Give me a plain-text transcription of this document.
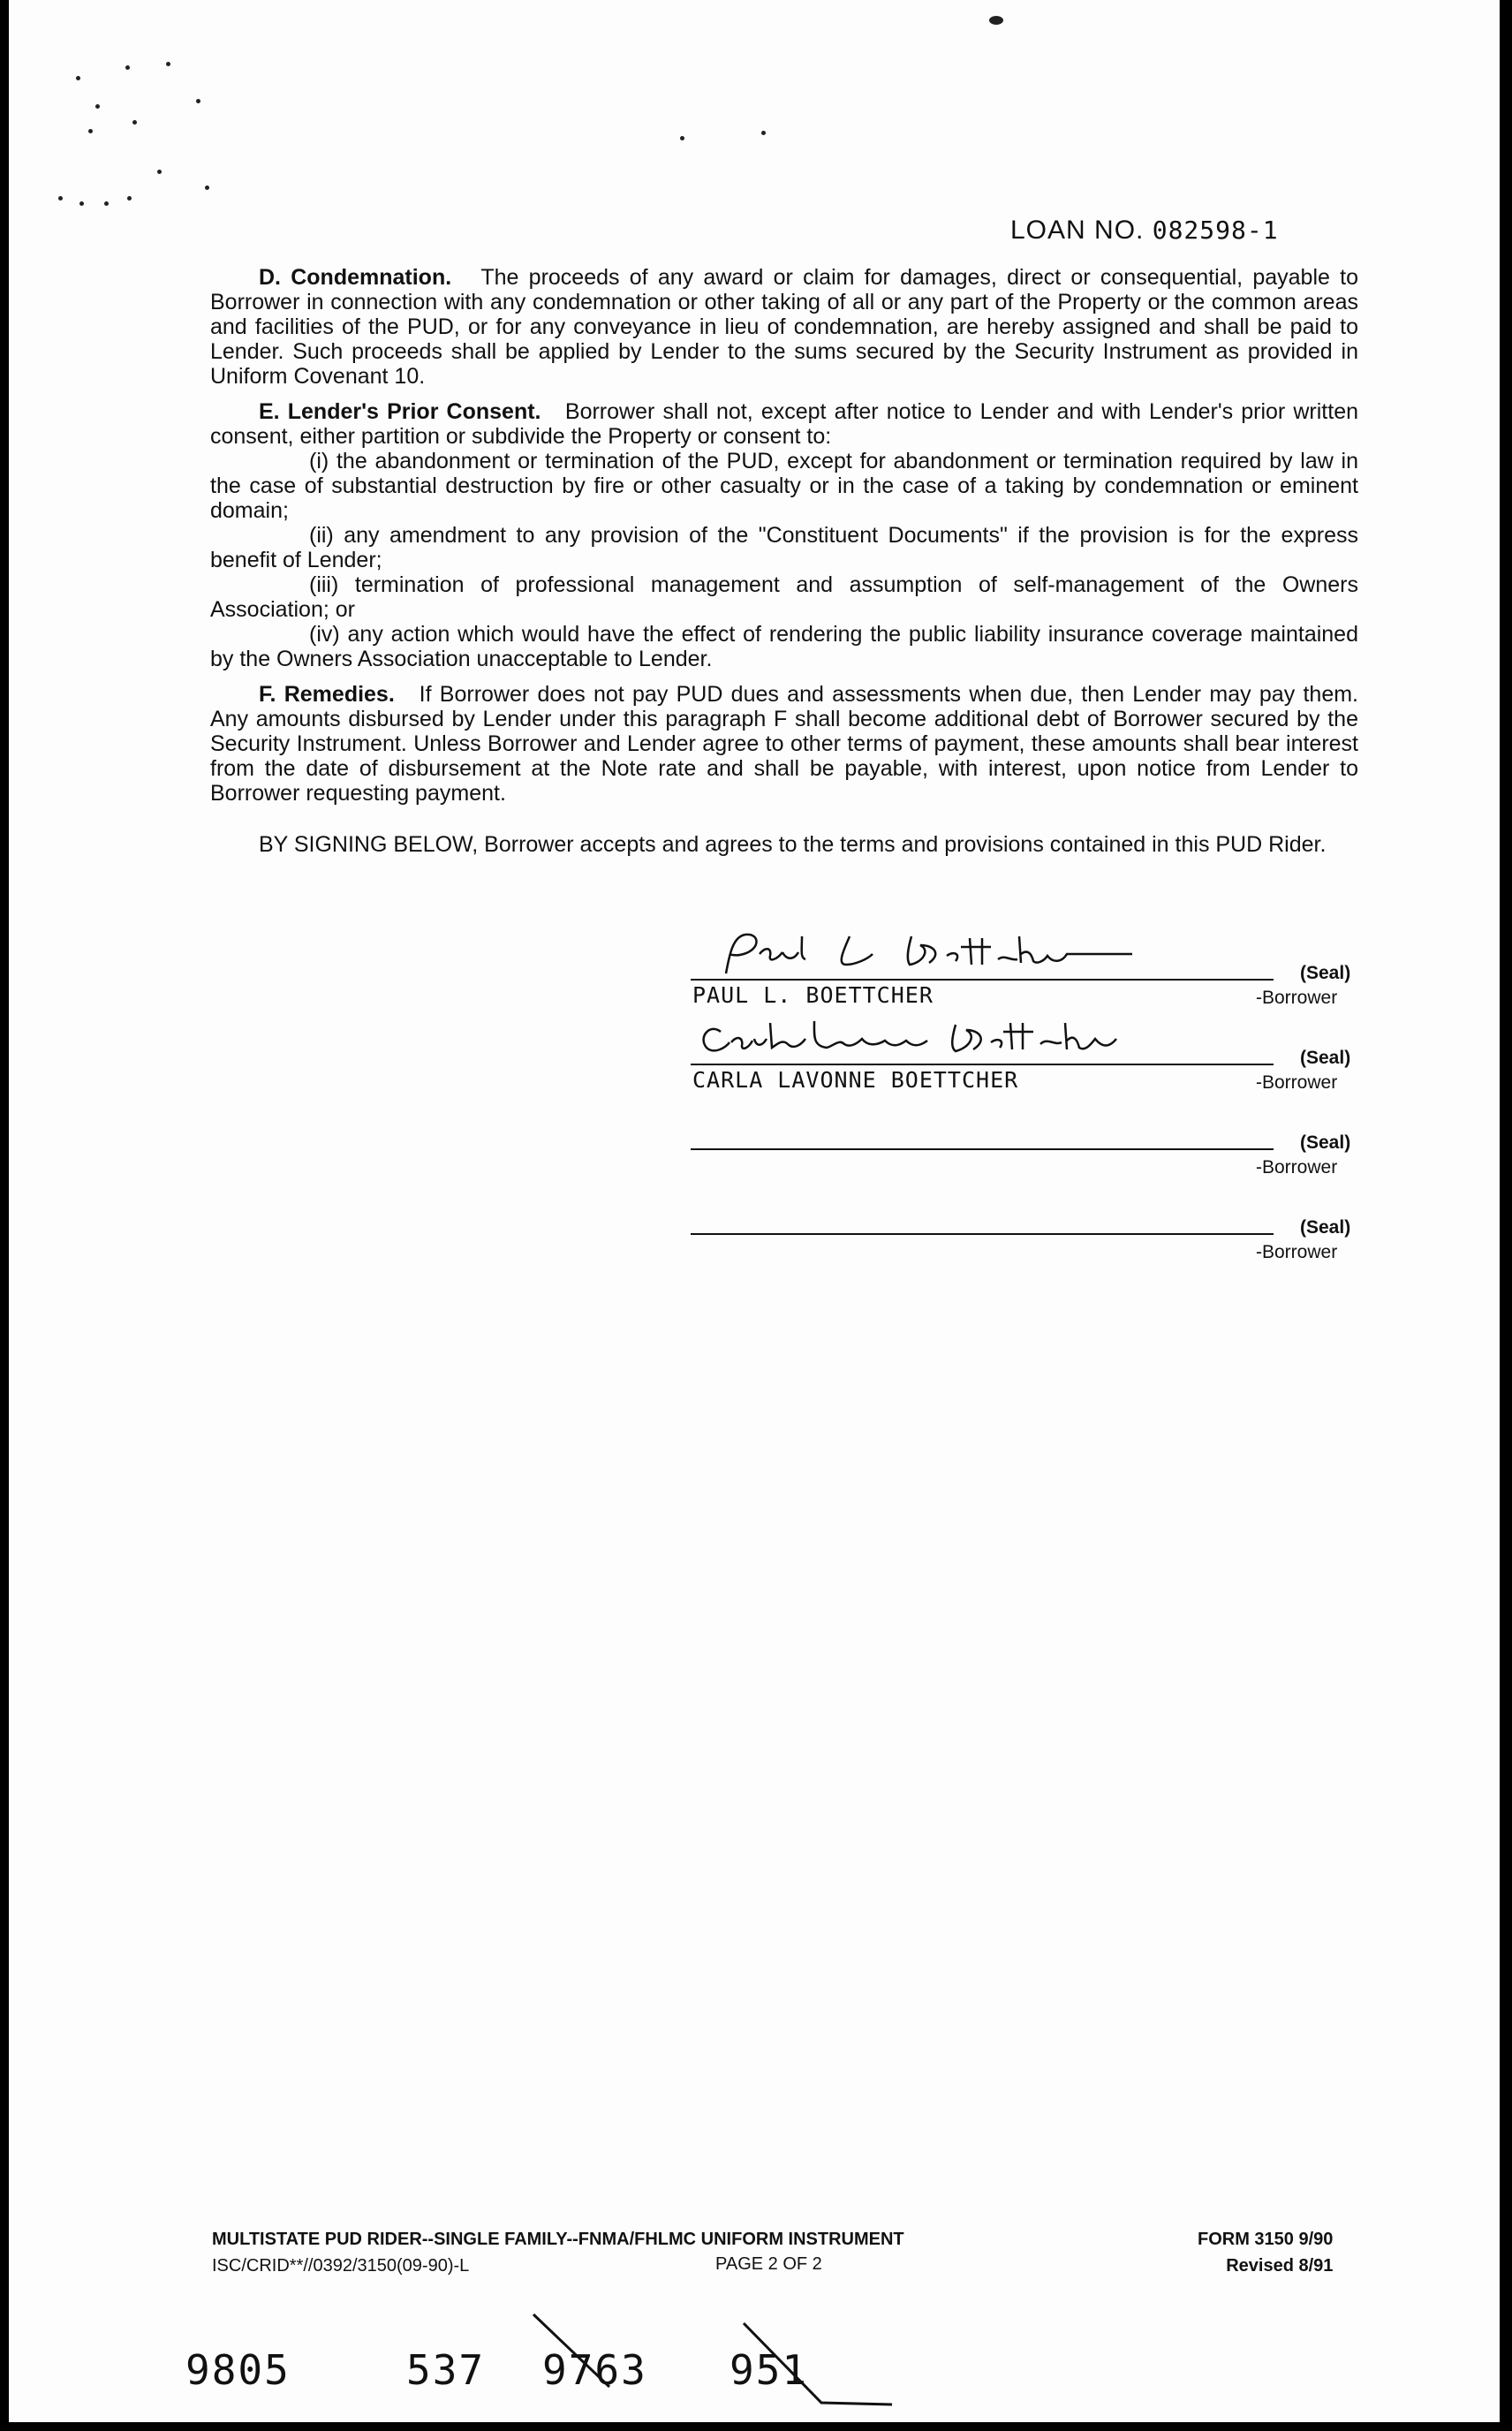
LOAN NO. 082598-1

D. Condemnation. The proceeds of any award or claim for damages, direct or consequential, payable to Borrower in connection with any condemnation or other taking of all or any part of the Property or the common areas and facilities of the PUD, or for any conveyance in lieu of condemnation, are hereby assigned and shall be paid to Lender. Such proceeds shall be applied by Lender to the sums secured by the Security Instrument as provided in Uniform Covenant 10.

E. Lender's Prior Consent. Borrower shall not, except after notice to Lender and with Lender's prior written consent, either partition or subdivide the Property or consent to:

(i) the abandonment or termination of the PUD, except for abandonment or termination required by law in the case of substantial destruction by fire or other casualty or in the case of a taking by condemnation or eminent domain;

(ii) any amendment to any provision of the "Constituent Documents" if the provision is for the express benefit of Lender;

(iii) termination of professional management and assumption of self-management of the Owners Association; or

(iv) any action which would have the effect of rendering the public liability insurance coverage maintained by the Owners Association unacceptable to Lender.

F. Remedies. If Borrower does not pay PUD dues and assessments when due, then Lender may pay them. Any amounts disbursed by Lender under this paragraph F shall become additional debt of Borrower secured by the Security Instrument. Unless Borrower and Lender agree to other terms of payment, these amounts shall bear interest from the date of disbursement at the Note rate and shall be payable, with interest, upon notice from Lender to Borrower requesting payment.

BY SIGNING BELOW, Borrower accepts and agrees to the terms and provisions contained in this PUD Rider.

PAUL L. BOETTCHER
(Seal)
-Borrower
CARLA LAVONNE BOETTCHER
(Seal)
-Borrower
(Seal)
-Borrower
(Seal)
-Borrower
MULTISTATE PUD RIDER--SINGLE FAMILY--FNMA/FHLMC UNIFORM INSTRUMENT
ISC/CRID**//0392/3150(09-90)-L	PAGE 2 OF 2
FORM 3150 9/90
Revised 8/91
9805	537 9763 951
